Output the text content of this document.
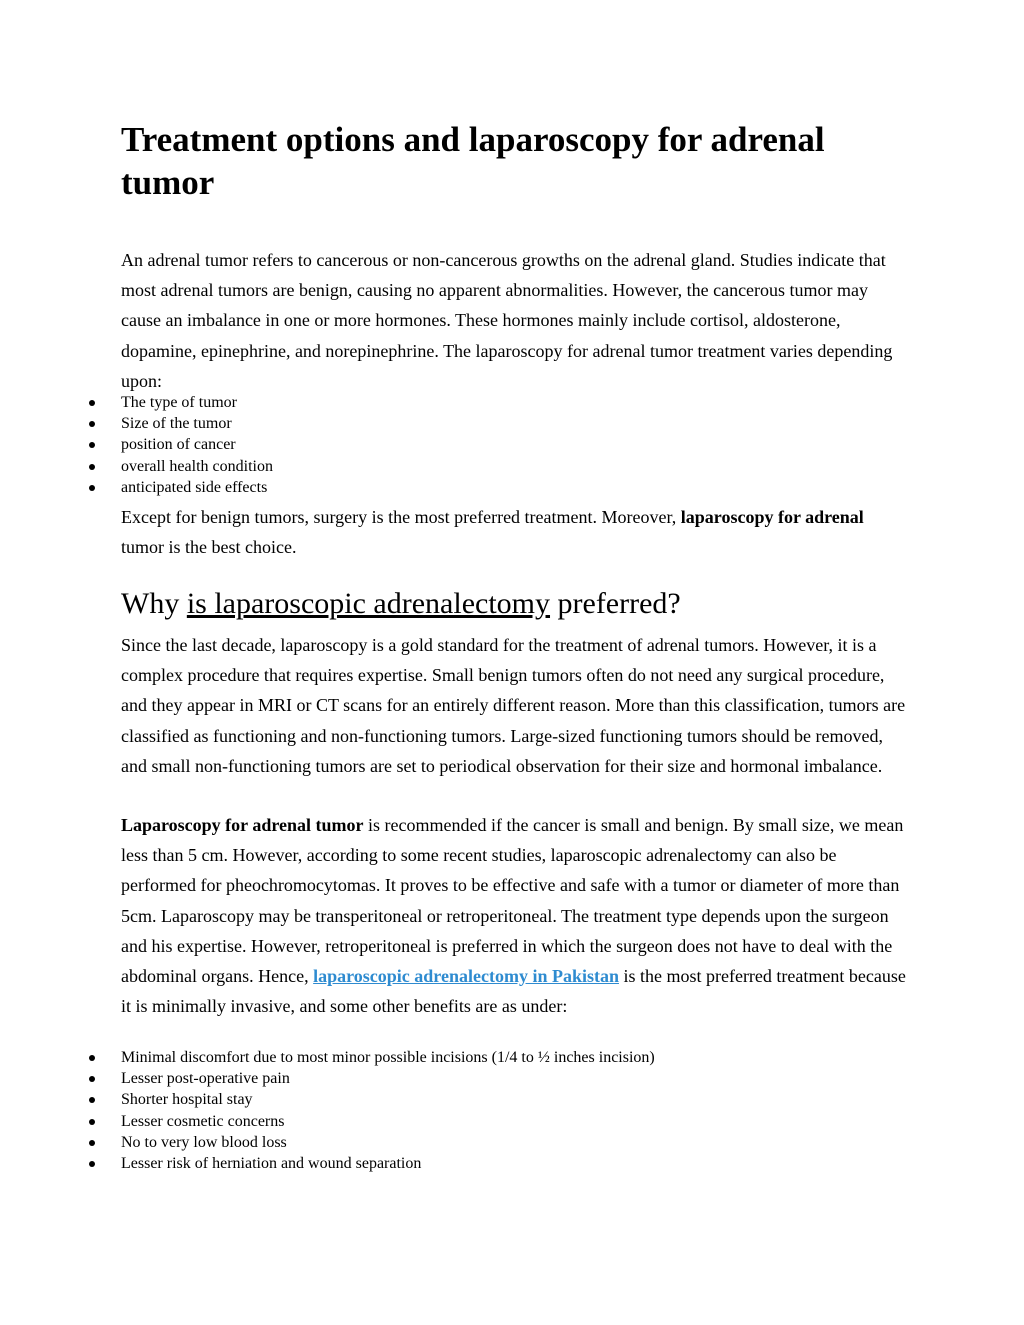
Treatment options and laparoscopy for adrenal tumor

An adrenal tumor refers to cancerous or non-cancerous growths on the adrenal gland. Studies indicate that most adrenal tumors are benign, causing no apparent abnormalities. However, the cancerous tumor may cause an imbalance in one or more hormones. These hormones mainly include cortisol, aldosterone, dopamine, epinephrine, and norepinephrine. The laparoscopy for adrenal tumor treatment varies depending upon:

The type of tumor
Size of the tumor
position of cancer
overall health condition
anticipated side effects

Except for benign tumors, surgery is the most preferred treatment. Moreover, laparoscopy for adrenal tumor is the best choice.

Why is laparoscopic adrenalectomy preferred?

Since the last decade, laparoscopy is a gold standard for the treatment of adrenal tumors. However, it is a complex procedure that requires expertise. Small benign tumors often do not need any surgical procedure, and they appear in MRI or CT scans for an entirely different reason. More than this classification, tumors are classified as functioning and non-functioning tumors. Large-sized functioning tumors should be removed, and small non-functioning tumors are set to periodical observation for their size and hormonal imbalance.

Laparoscopy for adrenal tumor is recommended if the cancer is small and benign. By small size, we mean less than 5 cm. However, according to some recent studies, laparoscopic adrenalectomy can also be performed for pheochromocytomas. It proves to be effective and safe with a tumor or diameter of more than 5cm. Laparoscopy may be transperitoneal or retroperitoneal. The treatment type depends upon the surgeon and his expertise. However, retroperitoneal is preferred in which the surgeon does not have to deal with the abdominal organs. Hence, laparoscopic adrenalectomy in Pakistan is the most preferred treatment because it is minimally invasive, and some other benefits are as under:

Minimal discomfort due to most minor possible incisions (1/4 to ½ inches incision)
Lesser post-operative pain
Shorter hospital stay
Lesser cosmetic concerns
No to very low blood loss
Lesser risk of herniation and wound separation
